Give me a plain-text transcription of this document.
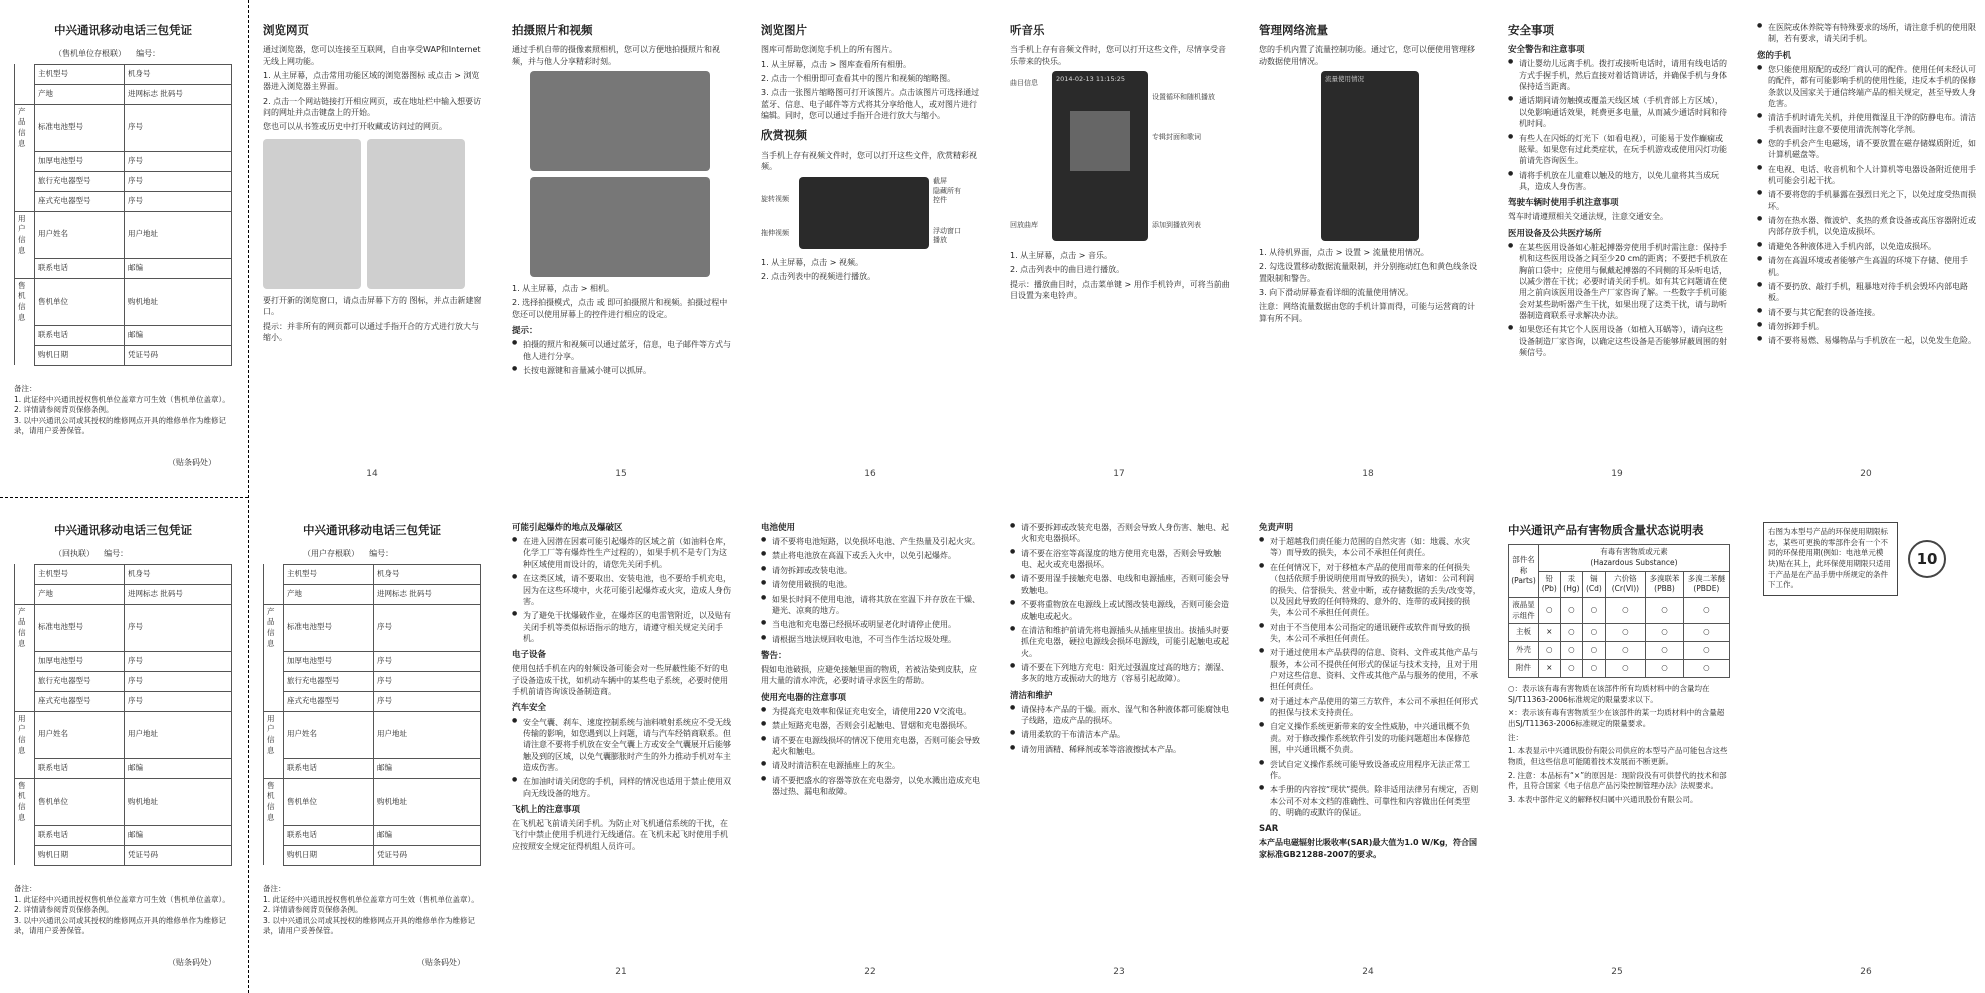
中兴通讯移动电话三包凭证
（售机单位存根联） 编号：
	主机型号	机身号
	产地	进网标志 批码号
产品信息	标准电池型号	序号
	加厚电池型号	序号
	旅行充电器型号	序号
	座式充电器型号	序号
用户信息	用户姓名	用户地址
	联系电话	邮编
售机信息	售机单位	购机地址
	联系电话	邮编
	购机日期	凭证号码
备注：
1. 此证经中兴通讯授权售机单位盖章方可生效（售机单位盖章）。
2. 详情请参阅背页保修条例。
3. 以中兴通讯公司或其授权的维修网点开具的维修单作为维修记录，请用户妥善保管。
（贴条码处）
中兴通讯移动电话三包凭证
（回执联） 编号：
	主机型号	机身号
	产地	进网标志 批码号
产品信息	标准电池型号	序号
	加厚电池型号	序号
	旅行充电器型号	序号
	座式充电器型号	序号
用户信息	用户姓名	用户地址
	联系电话	邮编
售机信息	售机单位	购机地址
	联系电话	邮编
	购机日期	凭证号码
备注：
1. 此证经中兴通讯授权售机单位盖章方可生效（售机单位盖章）。
2. 详情请参阅背页保修条例。
3. 以中兴通讯公司或其授权的维修网点开具的维修单作为维修记录，请用户妥善保管。
（贴条码处）
中兴通讯移动电话三包凭证
（用户存根联） 编号：
	主机型号	机身号
	产地	进网标志 批码号
产品信息	标准电池型号	序号
	加厚电池型号	序号
	旅行充电器型号	序号
	座式充电器型号	序号
用户信息	用户姓名	用户地址
	联系电话	邮编
售机信息	售机单位	购机地址
	联系电话	邮编
	购机日期	凭证号码
备注：
1. 此证经中兴通讯授权售机单位盖章方可生效（售机单位盖章）。
2. 详情请参阅背页保修条例。
3. 以中兴通讯公司或其授权的维修网点开具的维修单作为维修记录，请用户妥善保管。
（贴条码处）
浏览网页

通过浏览器，您可以连接至互联网，自由享受WAP和Internet无线上网功能。

1. 从主屏幕，点击常用功能区域的浏览器图标 或点击 > 浏览器进入浏览器主界面。

2. 点击一个网站链接打开相应网页，或在地址栏中输入想要访问的网址并点击键盘上的开始。

您也可以从书签或历史中打开收藏或访问过的网页。

要打开新的浏览窗口，请点击屏幕下方的 图标，并点击新建窗口。

提示：并非所有的网页都可以通过手指开合的方式进行放大与缩小。

拍摄照片和视频

通过手机自带的摄像素照相机，您可以方便地拍摄照片和视频，并与他人分享精彩时刻。

1. 从主屏幕，点击 > 相机。

2. 选择拍摄模式，点击 或 即可拍摄照片和视频。拍摄过程中您还可以使用屏幕上的控件进行相应的设定。

提示：
● 拍摄的照片和视频可以通过蓝牙，信息，电子邮件等方式与他人进行分享。
● 长按电源键和音量减小键可以抓屏。
浏览图片

图库可帮助您浏览手机上的所有图片。

1. 从主屏幕，点击 > 图库查看所有相册。

2. 点击一个相册即可查看其中的图片和视频的缩略图。

3. 点击一张图片缩略图可打开该图片。点击该图片可选择通过蓝牙、信息、电子邮件等方式将其分享给他人，或对图片进行编辑。同时，您可以通过手指开合进行放大与缩小。

欣赏视频

当手机上存有视频文件时，您可以打开这些文件，欣赏精彩视频。

旋转视频
拖伸视频
截屏
隐藏所有控件
浮动窗口播放

1. 从主屏幕，点击 > 视频。

2. 点击列表中的视频进行播放。

听音乐

当手机上存有音频文件时，您可以打开这些文件，尽情享受音乐带来的快乐。

2014-02-13 11:15:25
曲目信息
回放曲库
设置循环和随机播放
专辑封面和歌词
添加到播放列表

1. 从主屏幕，点击 > 音乐。

2. 点击列表中的曲目进行播放。

提示：播放曲目时，点击菜单键 > 用作手机铃声，可将当前曲目设置为来电铃声。

管理网络流量

您的手机内置了流量控制功能。通过它，您可以便使用管理移动数据使用情况。

流量使用情况

1. 从待机界面，点击 > 设置 > 流量使用情况。

2. 勾选设置移动数据流量限制，并分别拖动红色和黄色线条设置限制和警告。

3. 向下滑动屏幕查看详细的流量使用情况。

注意：网络流量数据由您的手机计算而得，可能与运营商的计算有所不同。

安全事项
安全警告和注意事项
● 请让婴幼儿远离手机。拨打或接听电话时，请用有线电话的方式手握手机，然后直接对着话筒讲话，并确保手机与身体保持适当距离。
● 通话期间请勿触摸或覆盖天线区域（手机背部上方区域），以免影响通话效果，耗费更多电量，从而减少通话时间和待机时间。
● 有些人在闪烁的灯光下（如看电视），可能易于发作癫痫或眩晕。如果您有过此类症状，在玩手机游戏或使用闪灯功能前请先咨询医生。
● 请将手机放在儿童难以触及的地方，以免儿童将其当成玩具，造成人身伤害。
驾驶车辆时使用手机注意事项

驾车时请遵照相关交通法规，注意交通安全。

医用设备及公共医疗场所
● 在某些医用设备如心脏起搏器旁使用手机时需注意：保持手机和这些医用设备之间至少20 cm的距离；不要把手机放在胸前口袋中；应使用与佩戴起搏器的不同侧的耳朵听电话，以减少潜在干扰；必要时请关闭手机。如有其它问题请在使用之前向该医用设备生产厂家咨询了解。一些数字手机可能会对某些助听器产生干扰，如果出现了这类干扰，请与助听器制造商联系寻求解决办法。
● 如果您还有其它个人医用设备（如植入耳蜗等），请向这些设备制造厂家咨询，以确定这些设备是否能够屏蔽周围的射频信号。
● 在医院或休养院等有特殊要求的场所，请注意手机的使用限制，若有要求，请关闭手机。
您的手机
● 您只能使用原配的或经厂商认可的配件。使用任何未经认可的配件，都有可能影响手机的使用性能，违反本手机的保修条款以及国家关于通信终端产品的相关规定，甚至导致人身危害。
● 清洁手机时请先关机，并使用微湿且干净的防静电布。清洁手机表面时注意不要使用清洗剂等化学剂。
● 您的手机会产生电磁场，请不要放置在磁存储媒质附近，如计算机磁盘等。
● 在电视、电话、收音机和个人计算机等电器设备附近使用手机可能会引起干扰。
● 请不要将您的手机暴露在强烈日光之下，以免过度受热而损坏。
● 请勿在热水器、微波炉、炙热的煮食设备或高压容器附近或内部存放手机，以免造成损坏。
● 请避免各种液体进入手机内部，以免造成损坏。
● 请勿在高温环境或者能够产生高温的环境下存储、使用手机。
● 请不要扔放、敲打手机，粗暴地对待手机会毁坏内部电路板。
● 请不要与其它配套的设备连接。
● 请勿拆卸手机。
● 请不要将易燃、易爆物品与手机放在一起，以免发生危险。
可能引起爆炸的地点及爆破区
● 在进入因潜在因素可能引起爆炸的区域之前（如油料仓库，化学工厂等有爆炸性生产过程的），如果手机不是专门为这种区域使用而设计的，请您先关闭手机。
● 在这类区域，请不要取出、安装电池，也不要给手机充电，因为在这些环境中，火花可能引起爆炸或火灾，造成人身伤害。
● 为了避免干扰爆破作业，在爆炸区的电雷管附近，以及贴有关闭手机等类似标语指示的地方，请遵守相关规定关闭手机。
电子设备

使用包括手机在内的射频设备可能会对一些屏蔽性能不好的电子设备造成干扰，如机动车辆中的某些电子系统，必要时使用手机前请咨询该设备制造商。

汽车安全
● 安全气囊、刹车、速度控制系统与油料喷射系统应不受无线传输的影响，如您遇到以上问题，请与汽车经销商联系。但请注意不要将手机放在安全气囊上方或安全气囊展开后能够触及到的区域，以免气囊膨胀时产生的外力推动手机对车主造成伤害。
● 在加油时请关闭您的手机，同样的情况也适用于禁止使用双向无线设备的地方。
飞机上的注意事项

在飞机起飞前请关闭手机。为防止对飞机通信系统的干扰，在飞行中禁止使用手机进行无线通信。在飞机未起飞时使用手机应按照安全规定征得机组人员许可。

电池使用
● 请不要将电池短路，以免损坏电池、产生热量及引起火灾。
● 禁止将电池放在高温下或丢入火中，以免引起爆炸。
● 请勿拆卸或改装电池。
● 请勿使用破损的电池。
● 如果长时间不使用电池，请将其放在室温下并存放在干燥、避光、凉爽的地方。
● 当电池和充电器已经损坏或明显老化时请停止使用。
● 请根据当地法规回收电池，不可当作生活垃圾处理。
警告：

假如电池破损，应避免接触里面的物质，若被沾染到皮肤，应用大量的清水冲洗，必要时请寻求医生的帮助。

使用充电器的注意事项
● 为提高充电效率和保证充电安全，请使用220 V交流电。
● 禁止短路充电器，否则会引起触电、冒烟和充电器损坏。
● 请不要在电源线损坏的情况下使用充电器，否则可能会导致起火和触电。
● 请及时清洁积在电源插座上的灰尘。
● 请不要把盛水的容器等放在充电器旁，以免水溅出造成充电器过热、漏电和故障。
● 请不要拆卸或改装充电器，否则会导致人身伤害、触电、起火和充电器损坏。
● 请不要在浴室等高湿度的地方使用充电器，否则会导致触电、起火或充电器损坏。
● 请不要用湿手接触充电器、电线和电源插座，否则可能会导致触电。
● 不要将重物放在电源线上或试图改装电源线，否则可能会造成触电或起火。
● 在清洁和维护前请先将电源插头从插座里拔出。拔插头时要抓住充电器，硬拉电源线会损坏电源线，可能引起触电或起火。
● 请不要在下列地方充电：阳光过强温度过高的地方；潮湿、多灰的地方或振动大的地方（容易引起故障）。
清洁和维护
● 请保持本产品的干燥。雨水、湿气和各种液体都可能腐蚀电子线路，造成产品的损坏。
● 请用柔软的干布清洁本产品。
● 请勿用酒精、稀释剂或苯等溶液擦拭本产品。
免责声明
● 对于超越我们责任能力范围的自然灾害（如：地震、水灾等）而导致的损失，本公司不承担任何责任。
● 在任何情况下，对于移植本产品的使用而带来的任何损失（包括依照手册说明使用而导致的损失），诸如：公司利润的损失、信誉损失、营业中断，或存储数据的丢失/改变等，以及因此导致的任何特殊的、意外的、连带的或间接的损失，本公司不承担任何责任。
● 对由于不当使用本公司指定的通讯硬件或软件而导致的损失，本公司不承担任何责任。
● 对于通过使用本产品获得的信息、资料、文件或其他产品与服务，本公司不提供任何形式的保证与技术支持，且对于用户对这些信息、资料、文件或其他产品与服务的使用，不承担任何责任。
● 对于通过本产品使用的第三方软件，本公司不承担任何形式的担保与技术支持责任。
● 自定义操作系统更新带来的安全性威胁，中兴通讯概不负责。对于修改操作系统软件引发的功能问题超出本保修范围，中兴通讯概不负责。
● 尝试自定义操作系统可能导致设备或应用程序无法正常工作。
● 本手册的内容按“现状”提供。除非适用法律另有规定，否则本公司不对本文档的准确性、可靠性和内容做出任何类型的、明确的或默许的保证。
SAR

本产品电磁辐射比吸收率(SAR)最大值为1.0 W/Kg，符合国家标准GB21288-2007的要求。

中兴通讯产品有害物质含量状态说明表
部件名称(Parts)	有毒有害物质或元素
(Hazardous Substance)					

	铅(Pb)	汞(Hg)	镉(Cd)	六价铬(Cr(VI))	多溴联苯(PBB)	多溴二苯醚(PBDE)
液晶显示组件	○	○	○	○	○	○
主板	×	○	○	○	○	○
外壳	○	○	○	○	○	○
附件	×	○	○	○	○	○
○：表示该有毒有害物质在该部件所有均质材料中的含量均在SJ/T11363-2006标准规定的限量要求以下。
×：表示该有毒有害物质至少在该部件的某一均质材料中的含量超出SJ/T11363-2006标准规定的限量要求。
注：
1. 本表显示中兴通讯股份有限公司供应的本型号产品可能包含这些物质，但这些信息可能随着技术发展而不断更新。
2. 注意：本品标有“×”的原因是：现阶段没有可供替代的技术和部件，且符合国家《电子信息产品污染控制管理办法》法规要求。
3. 本表中部件定义的解释权归属中兴通讯股份有限公司。
右图为本型号产品的环保使用期限标志，某些可更换的零部件会有一个不同的环保使用期(例如：电池单元模块)贴在其上，此环保使用期限只适用于产品是在产品手册中所规定的条件下工作。
10
14	15	16	17	18	19	20
21	22	23	24	25	26
